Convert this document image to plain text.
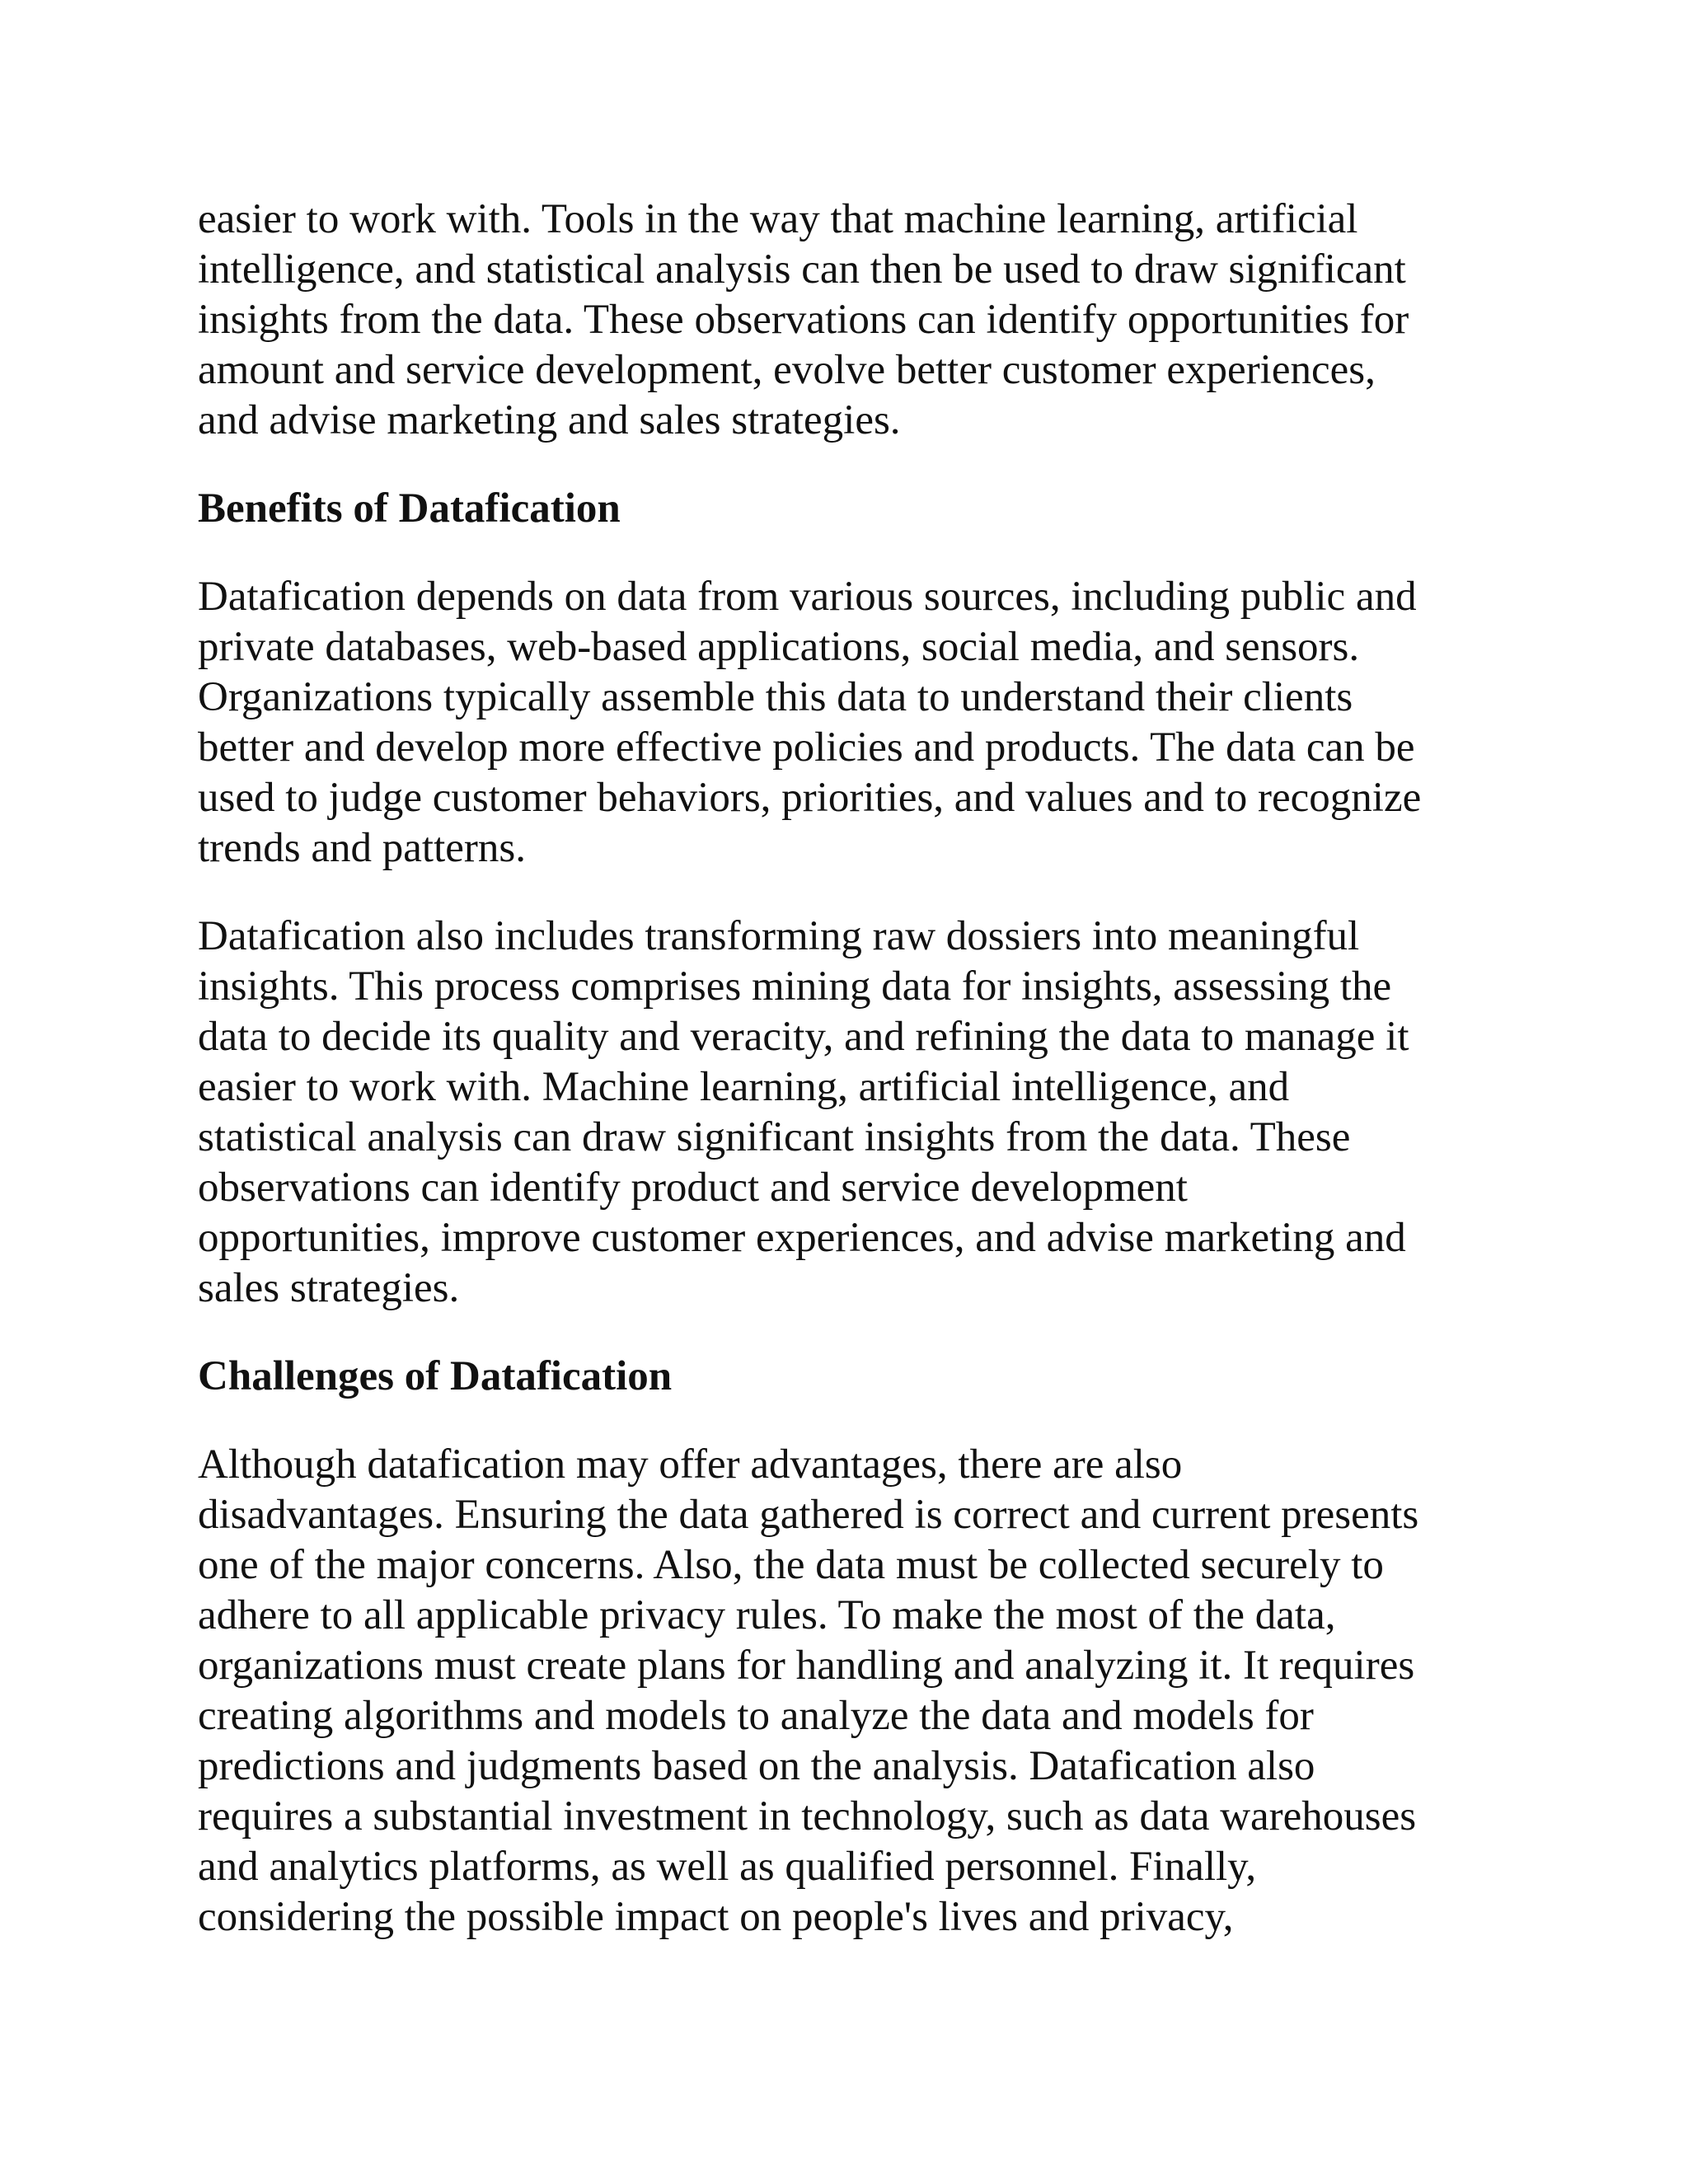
easier to work with. Tools in the way that machine learning, artificial
intelligence, and statistical analysis can then be used to draw significant
insights from the data. These observations can identify opportunities for
amount and service development, evolve better customer experiences,
and advise marketing and sales strategies.

Benefits of Datafication

Datafication depends on data from various sources, including public and
private databases, web-based applications, social media, and sensors.
Organizations typically assemble this data to understand their clients
better and develop more effective policies and products. The data can be
used to judge customer behaviors, priorities, and values and to recognize
trends and patterns.

Datafication also includes transforming raw dossiers into meaningful
insights. This process comprises mining data for insights, assessing the
data to decide its quality and veracity, and refining the data to manage it
easier to work with. Machine learning, artificial intelligence, and
statistical analysis can draw significant insights from the data. These
observations can identify product and service development
opportunities, improve customer experiences, and advise marketing and
sales strategies.

Challenges of Datafication

Although datafication may offer advantages, there are also
disadvantages. Ensuring the data gathered is correct and current presents
one of the major concerns. Also, the data must be collected securely to
adhere to all applicable privacy rules. To make the most of the data,
organizations must create plans for handling and analyzing it. It requires
creating algorithms and models to analyze the data and models for
predictions and judgments based on the analysis. Datafication also
requires a substantial investment in technology, such as data warehouses
and analytics platforms, as well as qualified personnel. Finally,
considering the possible impact on people's lives and privacy,
